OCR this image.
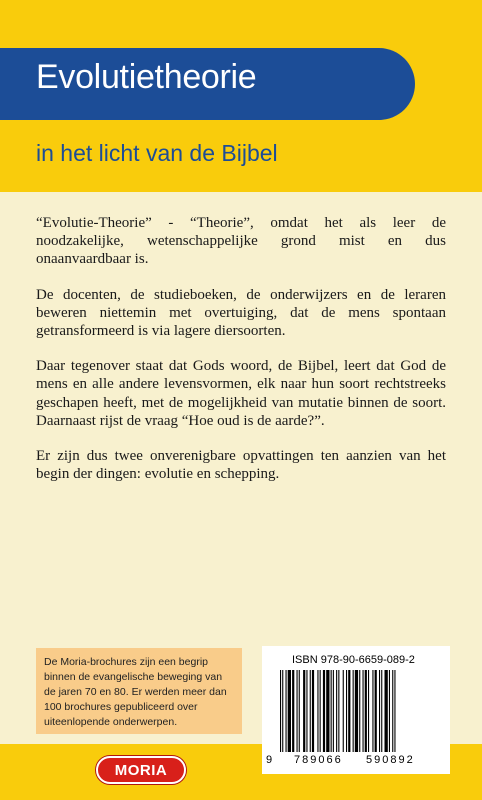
Evolutietheorie
in het licht van de Bijbel

“Evolutie-Theorie” - “Theorie”, omdat het als leer de noodzakelijke, wetenschappelijke grond mist en dus onaanvaardbaar is.

De docenten, de studieboeken, de onderwijzers en de leraren beweren niettemin met overtuiging, dat de mens spontaan getransformeerd is via lagere diersoorten.

Daar tegenover staat dat Gods woord, de Bijbel, leert dat God de mens en alle andere levensvormen, elk naar hun soort rechtstreeks geschapen heeft, met de mogelijkheid van mutatie binnen de soort. Daarnaast rijst de vraag “Hoe oud is de aarde?”.

Er zijn dus twee onverenigbare opvattingen ten aanzien van het begin der dingen: evolutie en schepping.

De Moria-brochures zijn een begrip binnen de evangelische beweging van de jaren 70 en 80. Er werden meer dan 100 brochures gepubliceerd over uiteenlopende onderwerpen.
MORIA
ISBN 978-90-6659-089-2
9 789066 590892
